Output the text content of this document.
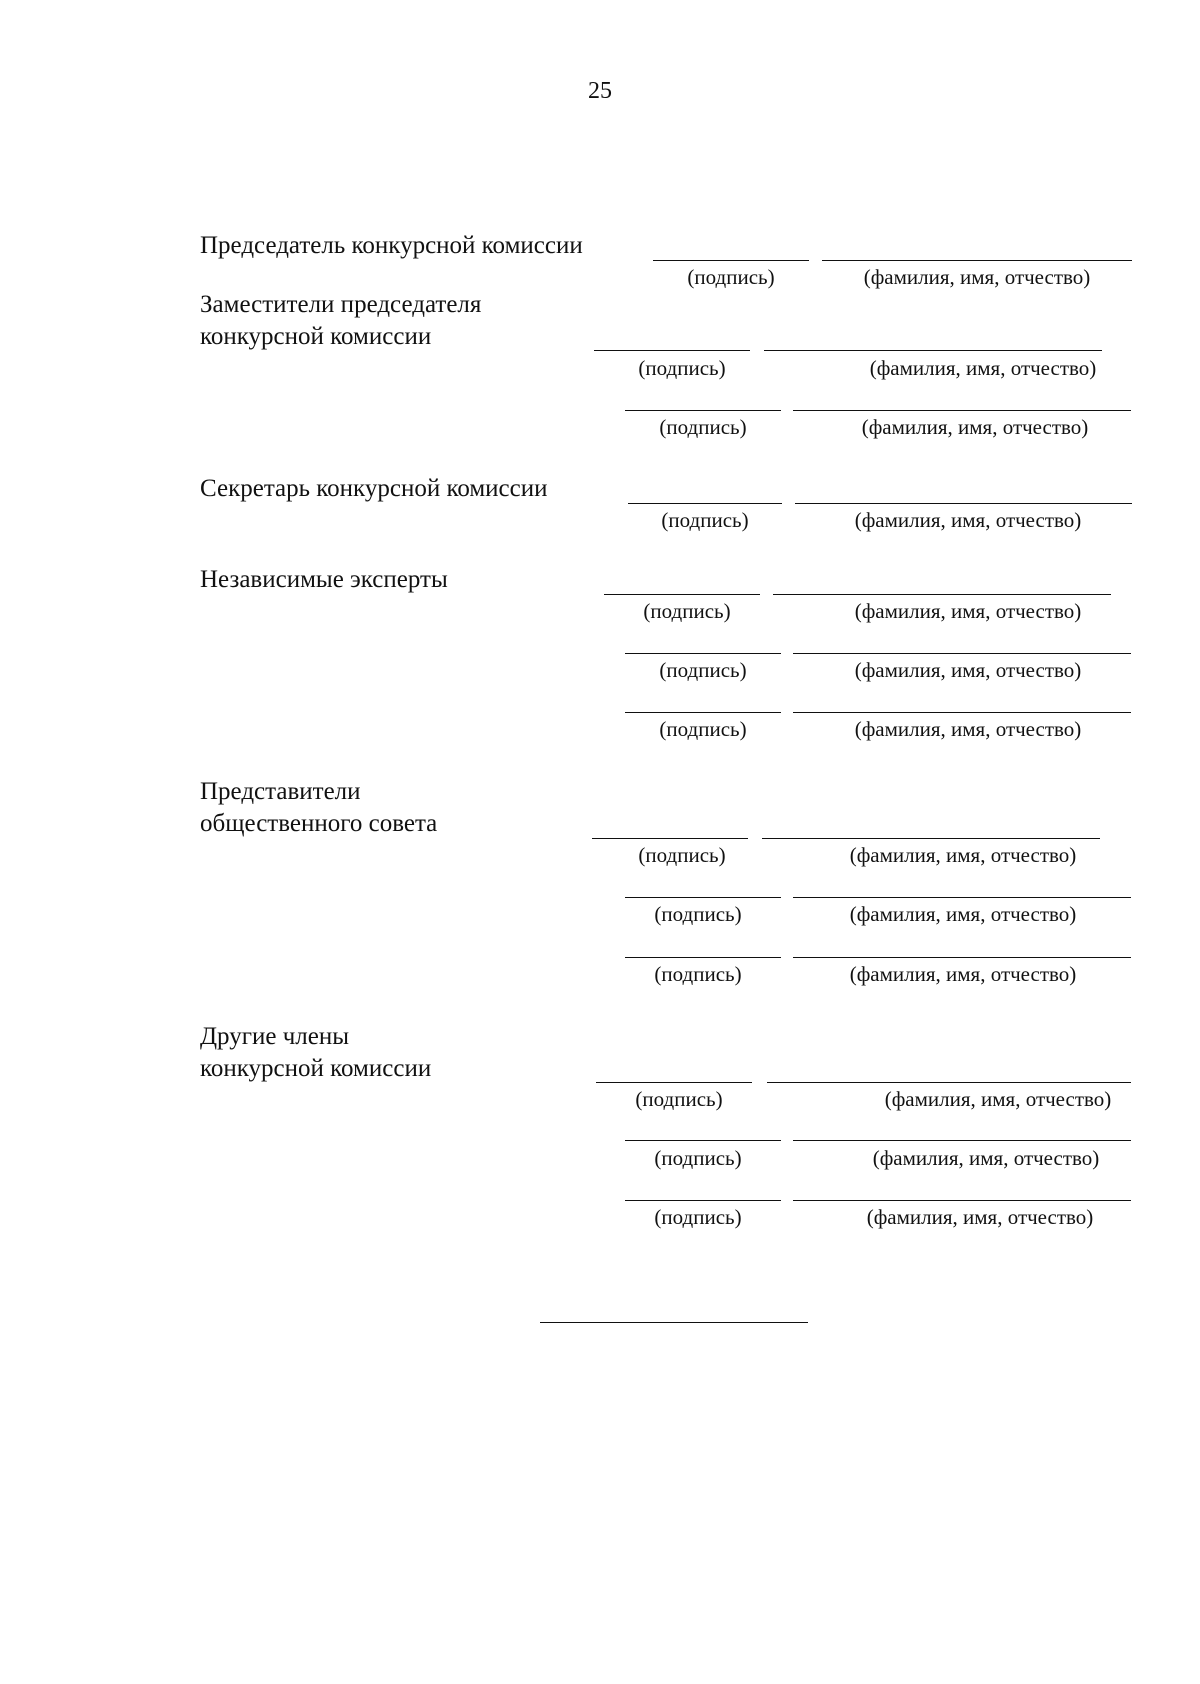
25
Председатель конкурсной комиссии
(подпись)	(фамилия, имя, отчество)
Заместители председателя
конкурсной комиссии
(подпись)	(фамилия, имя, отчество)
(подпись)	(фамилия, имя, отчество)
Секретарь конкурсной комиссии
(подпись)	(фамилия, имя, отчество)
Независимые эксперты
(подпись)	(фамилия, имя, отчество)
(подпись)	(фамилия, имя, отчество)
(подпись)	(фамилия, имя, отчество)
Представители
общественного совета
(подпись)	(фамилия, имя, отчество)
(подпись)	(фамилия, имя, отчество)
(подпись)	(фамилия, имя, отчество)
Другие члены
конкурсной комиссии
(подпись)	(фамилия, имя, отчество)
(подпись)	(фамилия, имя, отчество)
(подпись)	(фамилия, имя, отчество)
